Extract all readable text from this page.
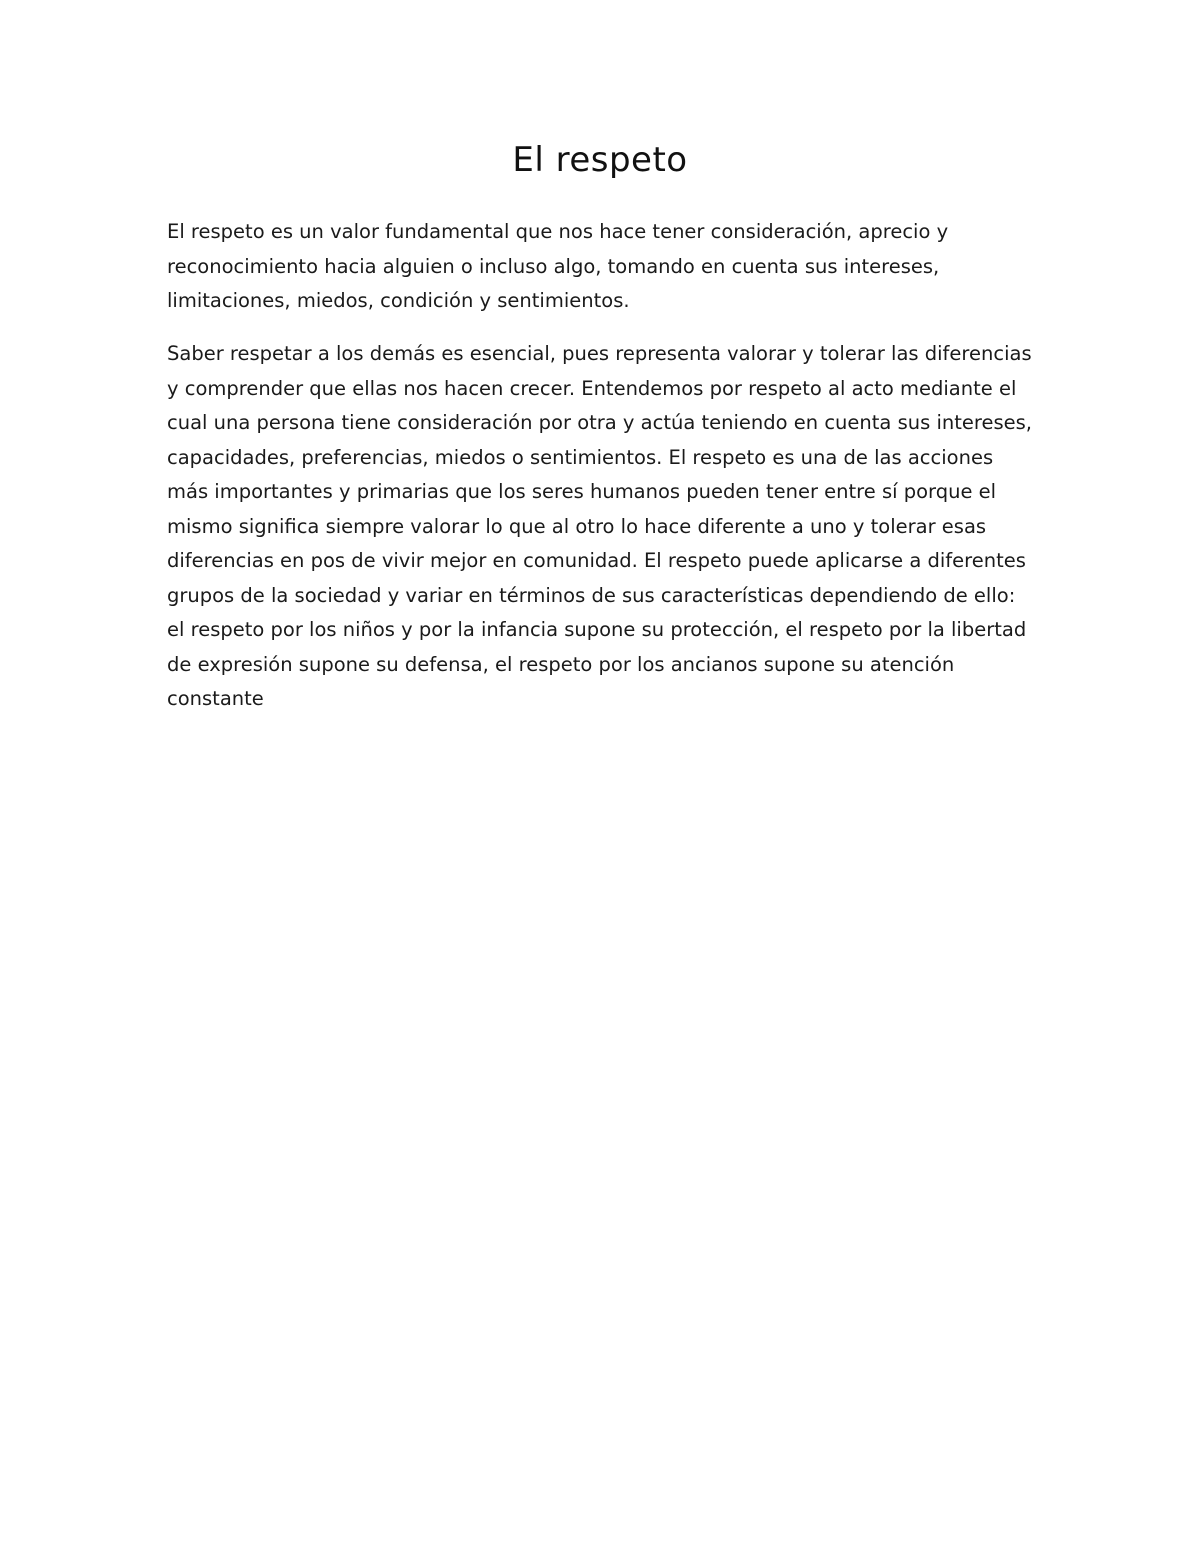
El respeto

El respeto es un valor fundamental que nos hace tener consideración, aprecio y reconocimiento hacia alguien o incluso algo, tomando en cuenta sus intereses, limitaciones, miedos, condición y sentimientos.

Saber respetar a los demás es esencial, pues representa valorar y tolerar las diferencias y comprender que ellas nos hacen crecer. Entendemos por respeto al acto mediante el cual una persona tiene consideración por otra y actúa teniendo en cuenta sus intereses, capacidades, preferencias, miedos o sentimientos. El respeto es una de las acciones más importantes y primarias que los seres humanos pueden tener entre sí porque el mismo significa siempre valorar lo que al otro lo hace diferente a uno y tolerar esas diferencias en pos de vivir mejor en comunidad. El respeto puede aplicarse a diferentes grupos de la sociedad y variar en términos de sus características dependiendo de ello: el respeto por los niños y por la infancia supone su protección, el respeto por la libertad de expresión supone su defensa, el respeto por los ancianos supone su atención constante
